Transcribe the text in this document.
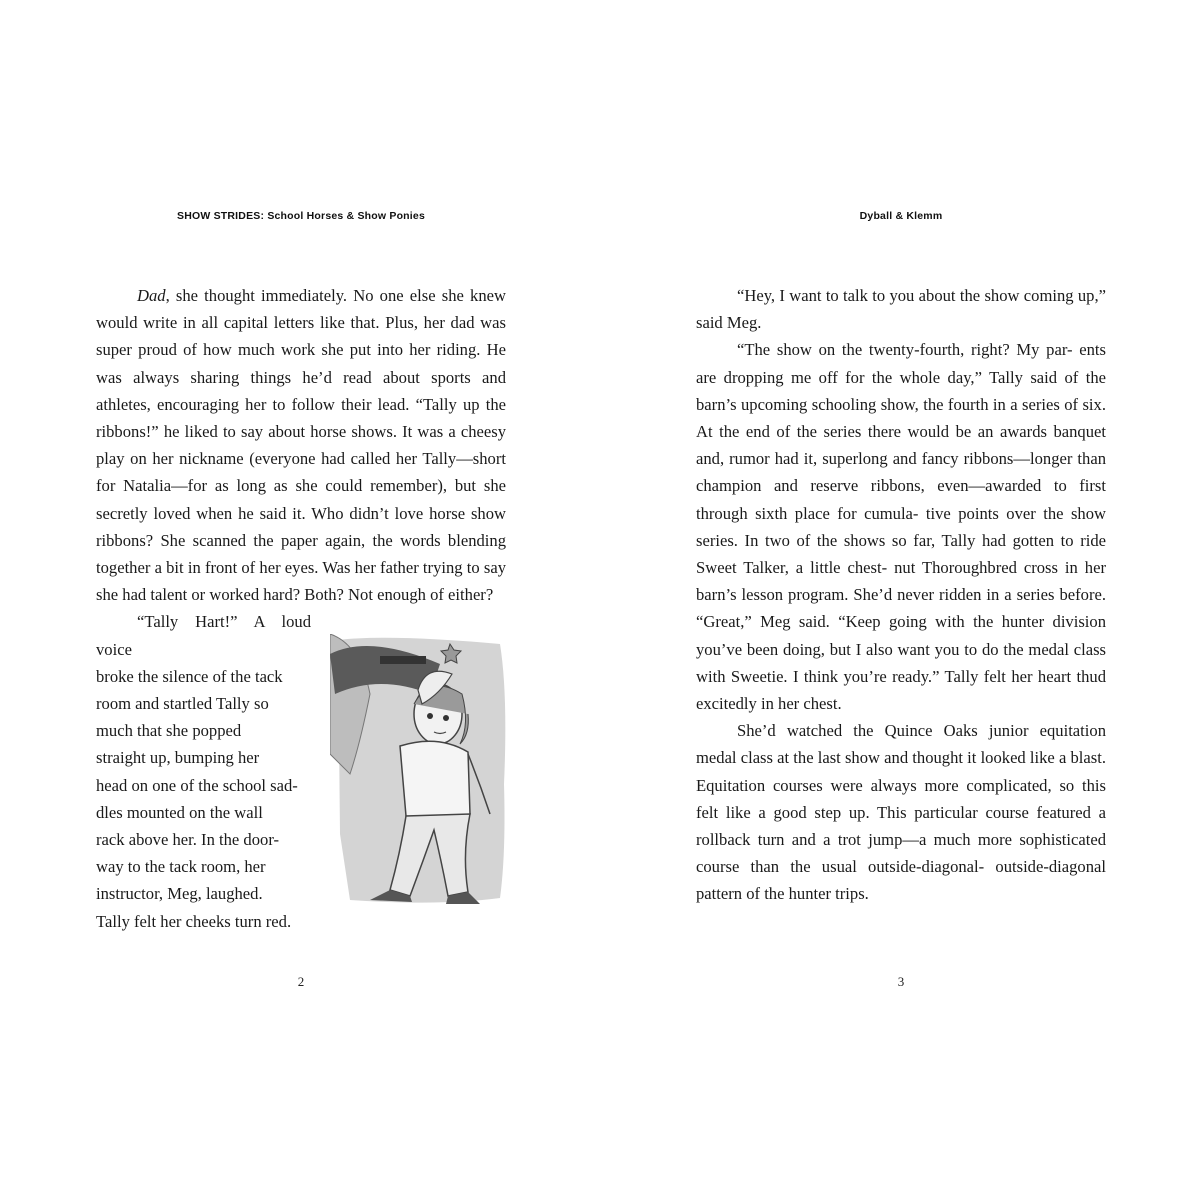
SHOW STRIDES: School Horses & Show Ponies

Dad, she thought immediately. No one else she knew would write in all capital letters like that. Plus, her dad was super proud of how much work she put into her riding. He was always sharing things he’d read about sports and athletes, encouraging her to follow their lead. “Tally up the ribbons!” he liked to say about horse shows. It was a cheesy play on her nickname (everyone had called her Tally—short for Natalia—for as long as she could remember), but she secretly loved when he said it. Who didn’t love horse show ribbons? She scanned the paper again, the words blending together a bit in front of her eyes. Was her father trying to say she had talent or worked hard? Both? Not enough of either?

“Tally Hart!” A loud voice

broke the silence of the tack

room and startled Tally so

much that she popped

straight up, bumping her

head on one of the school sad-

dles mounted on the wall

rack above her. In the door-

way to the tack room, her

instructor, Meg, laughed.

Tally felt her cheeks turn red.

2
Dyball & Klemm

“Hey, I want to talk to you about the show coming up,” said Meg.

“The show on the twenty-fourth, right? My par- ents are dropping me off for the whole day,” Tally said of the barn’s upcoming schooling show, the fourth in a series of six. At the end of the series there would be an awards banquet and, rumor had it, superlong and fancy ribbons—longer than champion and reserve ribbons, even—awarded to first through sixth place for cumula- tive points over the show series. In two of the shows so far, Tally had gotten to ride Sweet Talker, a little chest- nut Thoroughbred cross in her barn’s lesson program. She’d never ridden in a series before. “Great,” Meg said. “Keep going with the hunter division you’ve been doing, but I also want you to do the medal class with Sweetie. I think you’re ready.” Tally felt her heart thud excitedly in her chest.

She’d watched the Quince Oaks junior equitation medal class at the last show and thought it looked like a blast. Equitation courses were always more complicated, so this felt like a good step up. This particular course featured a rollback turn and a trot jump—a much more sophisticated course than the usual outside-diagonal- outside-diagonal pattern of the hunter trips.

3
